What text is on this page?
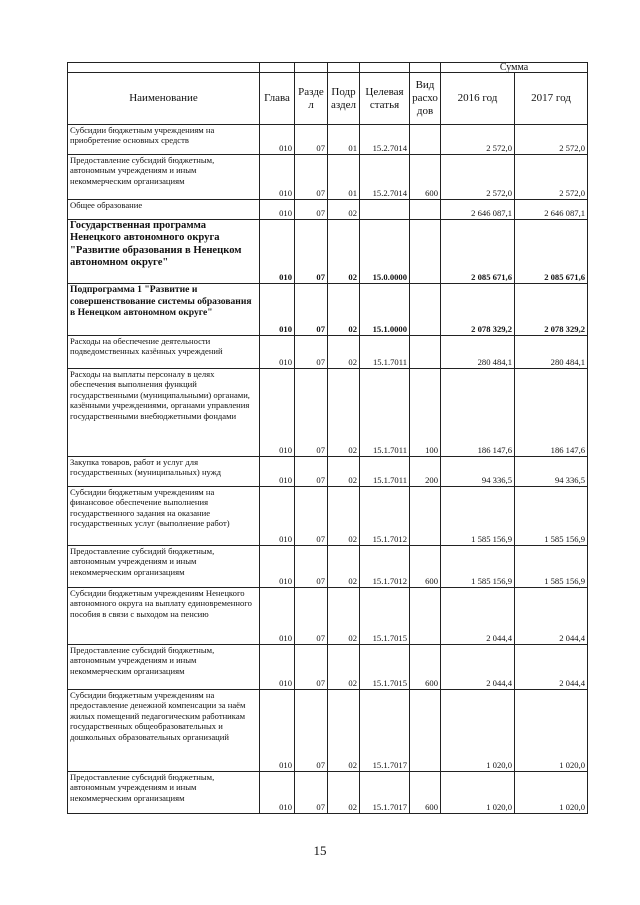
						Сумма	
Наименование	Глава	Разде л	Подр аздел	Целевая статья	Вид расхо дов	2016 год	2017 год
Субсидии бюджетным учреждениям на приобретение основных средств	010	07	01	15.2.7014		2 572,0	2 572,0
Предоставление субсидий бюджетным, автономным учреждениям и иным некоммерческим организациям	010	07	01	15.2.7014	600	2 572,0	2 572,0
Общее образование	010	07	02			2 646 087,1	2 646 087,1
Государственная программа Ненецкого автономного округа "Развитие образования в Ненецком автономном округе"	010	07	02	15.0.0000		2 085 671,6	2 085 671,6
Подпрограмма 1 "Развитие и совершенствование системы образования в Ненецком автономном округе"	010	07	02	15.1.0000		2 078 329,2	2 078 329,2
Расходы на обеспечение деятельности подведомственных казённых учреждений	010	07	02	15.1.7011		280 484,1	280 484,1
Расходы на выплаты персоналу в целях обеспечения выполнения функций государственными (муниципальными) органами, казёнными учреждениями, органами управления государственными внебюджетными фондами	010	07	02	15.1.7011	100	186 147,6	186 147,6
Закупка товаров, работ и услуг для государственных (муниципальных) нужд	010	07	02	15.1.7011	200	94 336,5	94 336,5
Субсидии бюджетным учреждениям на финансовое обеспечение выполнения государственного задания на оказание государственных услуг (выполнение работ)	010	07	02	15.1.7012		1 585 156,9	1 585 156,9
Предоставление субсидий бюджетным, автономным учреждениям и иным некоммерческим организациям	010	07	02	15.1.7012	600	1 585 156,9	1 585 156,9
Субсидии бюджетным учреждениям Ненецкого автономного округа на выплату единовременного пособия в связи с выходом на пенсию	010	07	02	15.1.7015		2 044,4	2 044,4
Предоставление субсидий бюджетным, автономным учреждениям и иным некоммерческим организациям	010	07	02	15.1.7015	600	2 044,4	2 044,4
Субсидии бюджетным учреждениям на предоставление денежной компенсации за наём жилых помещений педагогическим работникам государственных общеобразовательных и дошкольных образовательных организаций	010	07	02	15.1.7017		1 020,0	1 020,0
Предоставление субсидий бюджетным, автономным учреждениям и иным некоммерческим организациям	010	07	02	15.1.7017	600	1 020,0	1 020,0
15
